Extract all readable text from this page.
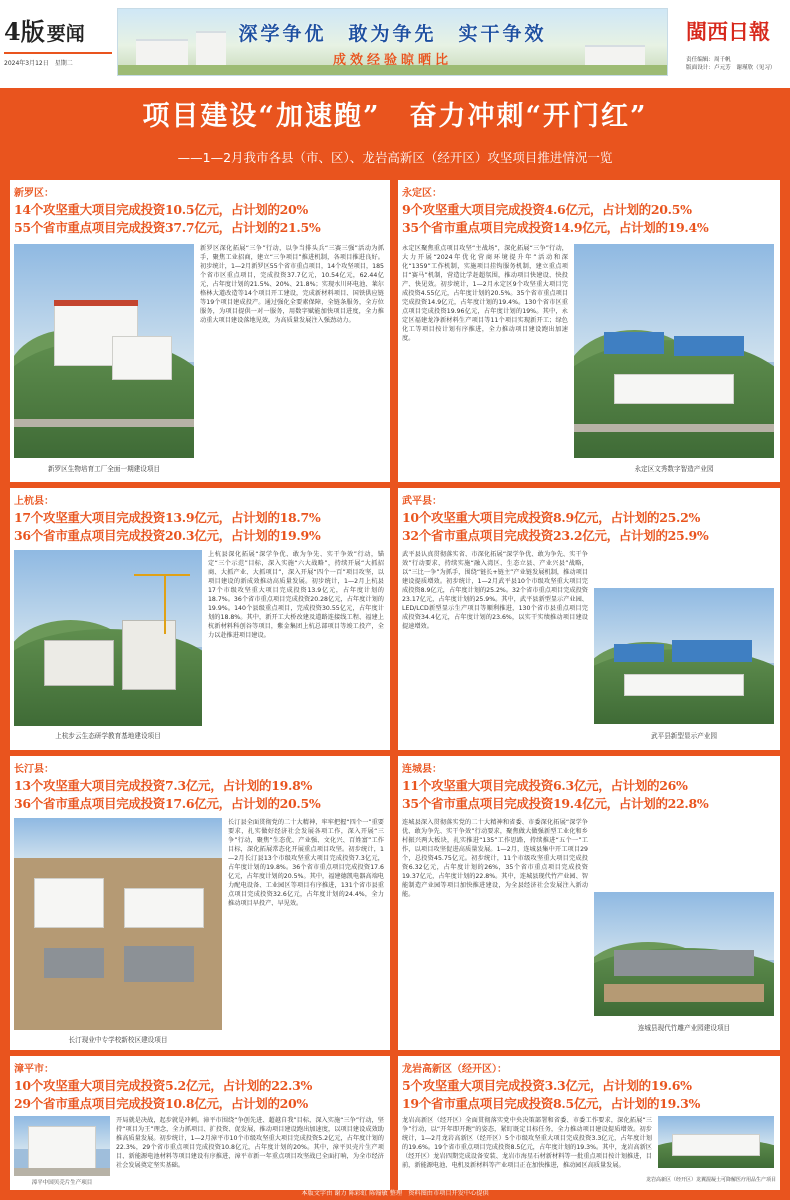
4版 要闻
2024年3月12日　星期二
深学争优　敢为争先　实干争效
成效经验晾晒比
閩西日報
责任编辑：周千帆
版面设计：卢元芳　谢瑾欣（见习）
项目建设“加速跑”　奋力冲刺“开门红”
——1—2月我市各县（市、区）、龙岩高新区（经开区）攻坚项目推进情况一览
新罗区：
14个攻坚重大项目完成投资10.5亿元，占计划的20%
55个省市重点项目完成投资37.7亿元，占计划的21.5%
新罗区生物培育工厂全面一期建设项目
新罗区深化拓展“三争”行动，以争当排头兵“三赛三强”活动为抓手，聚焦工业招商，建立“三争项目”推进机制，各项目推进良好。初步统计，1—2月新罗区55个省市重点项目，14个攻坚项目，185个省市区重点项目，完成投资37.7亿元，10.54亿元，62.44亿元，占年度计划的21.5%、20%、21.8%；实现水川环电池、莱尔格林大道改造等14个项目开工建设，完成新材料项目、国铁供应链等19个项目建成投产。通过强化全要素保障，全链条服务，全方位服务，为项目提供一对一服务，用数字赋能加快项目进度，全力推动重大项目建设落地见效，为高质量发展注入强劲动力。
永定区：
9个攻坚重大项目完成投资4.6亿元，占计划的20.5%
35个省市重点项目完成投资14.9亿元，占计划的19.4%
永定区聚焦重点项目攻坚“主战场”，深化拓展“三争”行动，大力开展“2024年优化营商环境提升年”活动和深化“1359”工作机制，实施项目挂钩服务机制，建立重点项目“赛马”机制，营造比学赶超氛围，推动项目快建设、快投产、快见效。初步统计，1—2月永定区9个攻坚重大项目完成投资4.55亿元，占年度计划的20.5%。35个省市重点项目完成投资14.9亿元，占年度计划的19.4%。130个省市区重点项目完成投资19.96亿元，占年度计划的19%。其中，永定区福建龙净新材料生产项目等11个项目实现新开工；绿色化工等项目按计划有序推进，全力推动项目建设跑出加速度。
永定区文秀数字智造产业园
上杭县：
17个攻坚重大项目完成投资13.9亿元，占计划的18.7%
36个省市重点项目完成投资20.3亿元，占计划的19.9%
上杭步云生态研学教育基地建设项目
上杭县深化拓展“深学争优、敢为争先、实干争效”行动，锚定“三个示范”目标，深入实施“六大战略”，持续开展“大抓招商、大抓产业、大抓项目”，深入开展“四个一百”项目攻坚，以项目建设的新成效推动高质量发展。初步统计，1—2月上杭县17个市级攻坚重大项目完成投资13.9亿元，占年度计划的18.7%。36个省市重点项目完成投资20.28亿元，占年度计划的19.9%。140个县级重点项目，完成投资30.55亿元，占年度计划的18.8%。其中，新开工大桥改建及道路连接线工程、福建上杭新材料科创谷等项目，紫金集团上杭总部项目等竣工投产，全力以赴推进项目建设。
武平县：
10个攻坚重大项目完成投资8.9亿元，占计划的25.2%
32个省市重点项目完成投资23.2亿元，占计划的25.9%
武平县认真贯彻落实省、市深化拓展“深学争优、敢为争先、实干争效”行动要求，持续实施“融入湾区、生态立县、产业兴县”战略，以“三比一争”为抓手，围绕“链长+链主”产业链发展机制，推动项目建设提质增效。初步统计，1—2月武平县10个市级攻坚重大项目完成投资8.9亿元，占年度计划的25.2%。32个省市重点项目完成投资23.17亿元，占年度计划的25.9%。其中，武平县新型显示产业园、LED/LCD新型显示生产项目等顺利推进，130个省市县重点项目完成投资34.4亿元，占年度计划的23.6%，以实干实绩推动项目建设提速增效。
武平县新型显示产业园
长汀县：
13个攻坚重大项目完成投资7.3亿元，占计划的19.8%
36个省市重点项目完成投资17.6亿元，占计划的20.5%
长汀现业中专学校新校区建设项目
长汀县全面贯彻党的二十大精神，牢牢把握“四个一”重要要求，扎实做好经济社会发展各项工作，深入开展“三争”行动，聚焦“生态优、产业强、文化兴、百姓富”工作目标，深化拓展常态化开展重点项目攻坚。初步统计，1—2月长汀县13个市级攻坚重大项目完成投资7.3亿元，占年度计划的19.8%。36个省市重点项目完成投资17.6亿元，占年度计划的20.5%。其中，福建德凯电器高端电力配电设备、工业园区等项目有序推进，131个省市县重点项目完成投资32.6亿元，占年度计划的24.4%，全力推动项目早投产、早见效。
连城县：
11个攻坚重大项目完成投资6.3亿元，占计划的26%
35个省市重点项目完成投资19.4亿元，占计划的22.8%
连城县深入贯彻落实党的二十大精神和省委、市委深化拓展“深学争优、敢为争先、实干争效”行动要求，聚焦做大做强新型工业化和乡村振兴两大板块，扎实推进“135”工作思路，持续推进“五个一”工作，以项目攻坚促进高质量发展。1—2月，连城县集中开工项目29个，总投资45.75亿元。初步统计，11个市级攻坚重大项目完成投资6.32亿元，占年度计划的26%，35个省市重点项目完成投资19.37亿元，占年度计划的22.8%。其中，连城县现代竹产业园、智能制造产业园等项目加快推进建设，为全县经济社会发展注入新动能。
连城县现代竹雕产业园建设项目
漳平市：
10个攻坚重大项目完成投资5.2亿元，占计划的22.3%
29个省市重点项目完成投资10.8亿元，占计划的20%
开局就是决战，起步就是冲刺。漳平市围绕“争创先进、超越自我”目标，深入实施“三争”行动，坚持“项目为王”理念，全力抓项目、扩投资、促发展，推动项目建设跑出加速度，以项目建设成效助推高质量发展。初步统计，1—2月漳平市10个市级攻坚重大项目完成投资5.2亿元，占年度计划的22.3%，29个省市重点项目完成投资10.8亿元，占年度计划的20%。其中，漳平贝壳片生产项目、新能源电池材料等项目建设有序推进，漳平市新一年重点项目攻坚战已全面打响，为全市经济社会发展奠定坚实基础。
漳平中国贝壳片生产项目
龙岩高新区（经开区）：
5个攻坚重大项目完成投资3.3亿元，占计划的19.6%
19个省市重点项目完成投资8.5亿元，占计划的19.3%
龙岩高新区（经开区）全面贯彻落实党中央决策部署和省委、市委工作要求，深化拓展“三争”行动，以“开年即开跑”的姿态，紧盯既定目标任务，全力推动项目建设提质增效。初步统计，1—2月龙岩高新区（经开区）5个市级攻坚重大项目完成投资3.3亿元，占年度计划的19.6%。19个省市重点项目完成投资8.5亿元，占年度计划的19.3%。其中，龙岩高新区（经开区）龙岩四期完成设备安装、龙岩市海星石材新材料等一批重点项目按计划推进，目前，新能源电池、电机及新材料等产业项目正在加快推进，推动园区高质量发展。
龙岩高新区（经开区）龙翼混凝土可降解医疗用品生产项目
本版文字由 谢力 陈彩虹 陈翰敏 整理　资料图由市项目开发中心提供
